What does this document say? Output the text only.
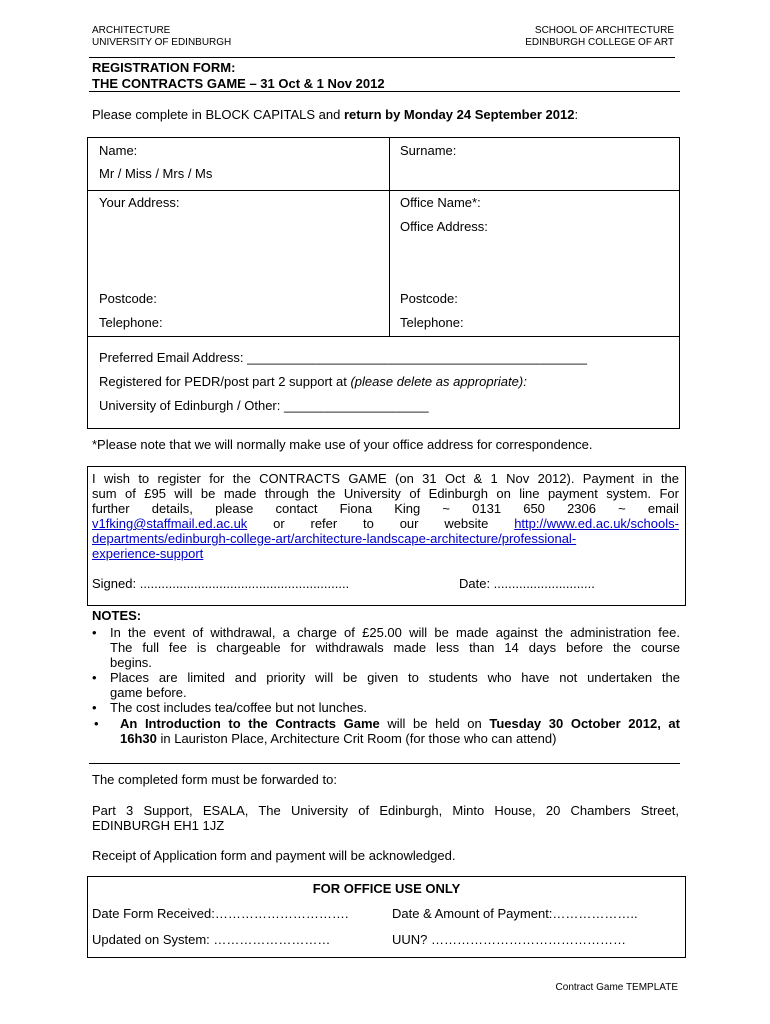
ARCHITECTURE
UNIVERSITY OF EDINBURGH
SCHOOL OF ARCHITECTURE
EDINBURGH COLLEGE OF ART
REGISTRATION FORM:
THE CONTRACTS GAME – 31 Oct & 1 Nov 2012
Please complete in BLOCK CAPITALS and return by Monday 24 September 2012:
Name:	Surname:
Mr / Miss / Mrs / Ms
Your Address:	Office Name*:
Office Address:
Postcode:	Postcode:
Telephone:	Telephone:
Preferred Email Address: _______________________________________________
Registered for PEDR/post part 2 support at (please delete as appropriate):
University of Edinburgh / Other: ____________________
*Please note that we will normally make use of your office address for correspondence.
I wish to register for the CONTRACTS GAME (on 31 Oct & 1 Nov 2012). Payment in the
sum of £95 will be made through the University of Edinburgh on line payment system. For
further details, please contact Fiona King ~ 0131 650 2306 ~ email
v1fking@staffmail.ed.ac.uk or refer to our website http://www.ed.ac.uk/schools-
departments/edinburgh-college-art/architecture-landscape-architecture/professional-
experience-support
Signed: ..........................................................	Date: ............................
NOTES:
• In the event of withdrawal, a charge of £25.00 will be made against the administration fee.
The full fee is chargeable for withdrawals made less than 14 days before the course
begins.
• Places are limited and priority will be given to students who have not undertaken the
game before.
• The cost includes tea/coffee but not lunches.
• An Introduction to the Contracts Game will be held on Tuesday 30 October 2012, at
16h30 in Lauriston Place, Architecture Crit Room (for those who can attend)
The completed form must be forwarded to:
Part 3 Support, ESALA, The University of Edinburgh, Minto House, 20 Chambers Street,
EDINBURGH EH1 1JZ
Receipt of Application form and payment will be acknowledged.
FOR OFFICE USE ONLY
Date Form Received:………………………….	Date & Amount of Payment:………………..
Updated on System: ………………………	UUN? ………………………………………
Contract Game TEMPLATE
